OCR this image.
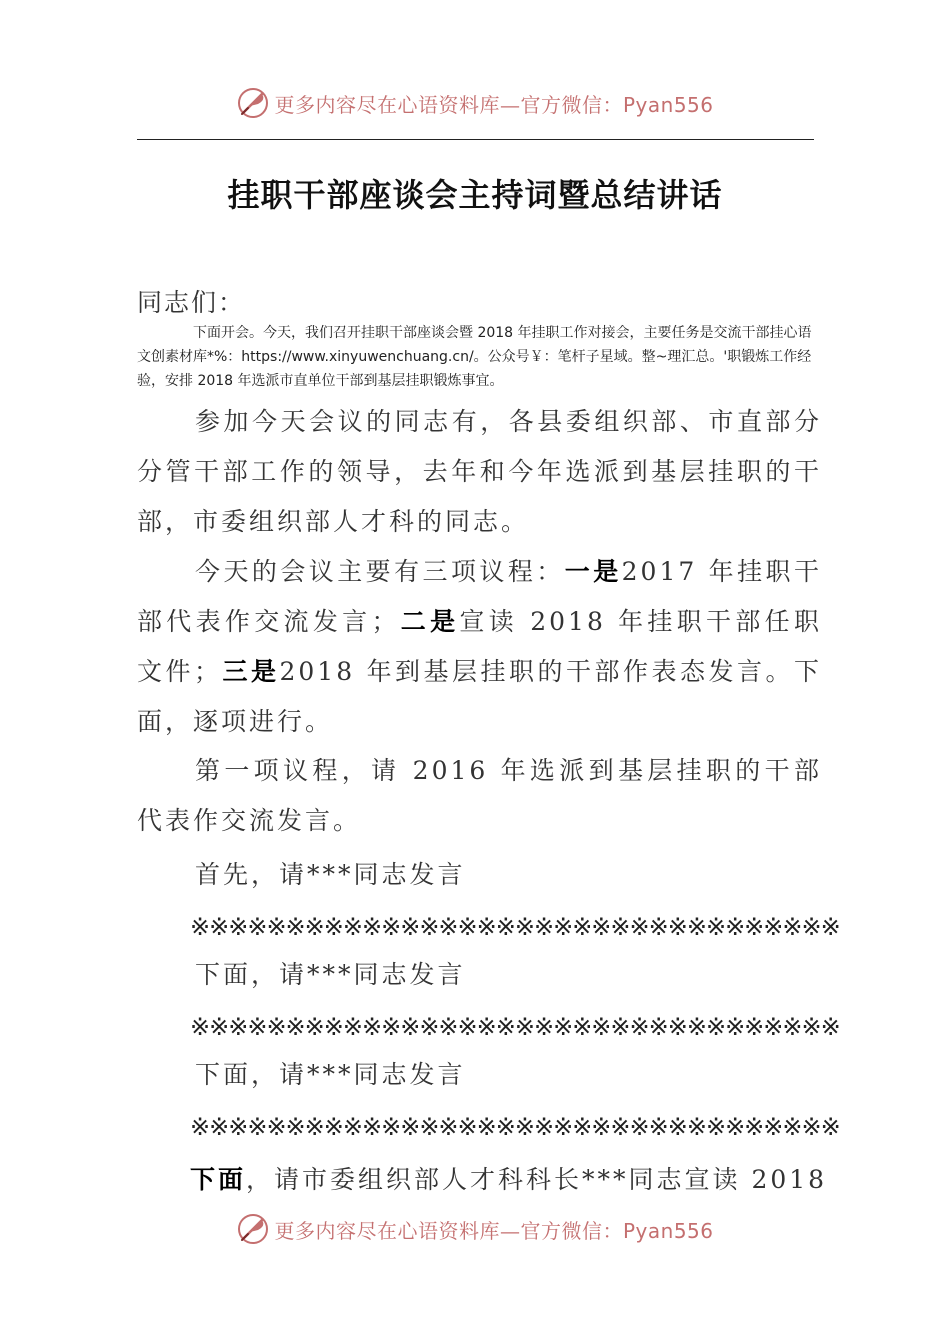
更多内容尽在心语资料库—官方微信：Pyan556
挂职干部座谈会主持词暨总结讲话
同志们：
下面开会。今天，我们召开挂职干部座谈会暨 2018 年挂职工作对接会，主要任务是交流干部挂心语文创素材库*%：https://www.xinyuwenchuang.cn/。公众号￥：笔杆子星域。整~理汇总。'职锻炼工作经验，安排 2018 年选派市直单位干部到基层挂职锻炼事宜。
参加今天会议的同志有，各县委组织部、市直部分分管干部工作的领导，去年和今年选派到基层挂职的干部，市委组织部人才科的同志。
今天的会议主要有三项议程：一是2017 年挂职干部代表作交流发言；二是宣读 2018 年挂职干部任职文件；三是2018 年到基层挂职的干部作表态发言。下面，逐项进行。
第一项议程，请 2016 年选派到基层挂职的干部代表作交流发言。
首先，请***同志发言
※※※※※※※※※※※※※※※※※※※※※※※※※※※※※※※※※※
下面，请***同志发言
※※※※※※※※※※※※※※※※※※※※※※※※※※※※※※※※※※
下面，请***同志发言
※※※※※※※※※※※※※※※※※※※※※※※※※※※※※※※※※※
下面，请市委组织部人才科科长***同志宣读 2018
更多内容尽在心语资料库—官方微信：Pyan556
